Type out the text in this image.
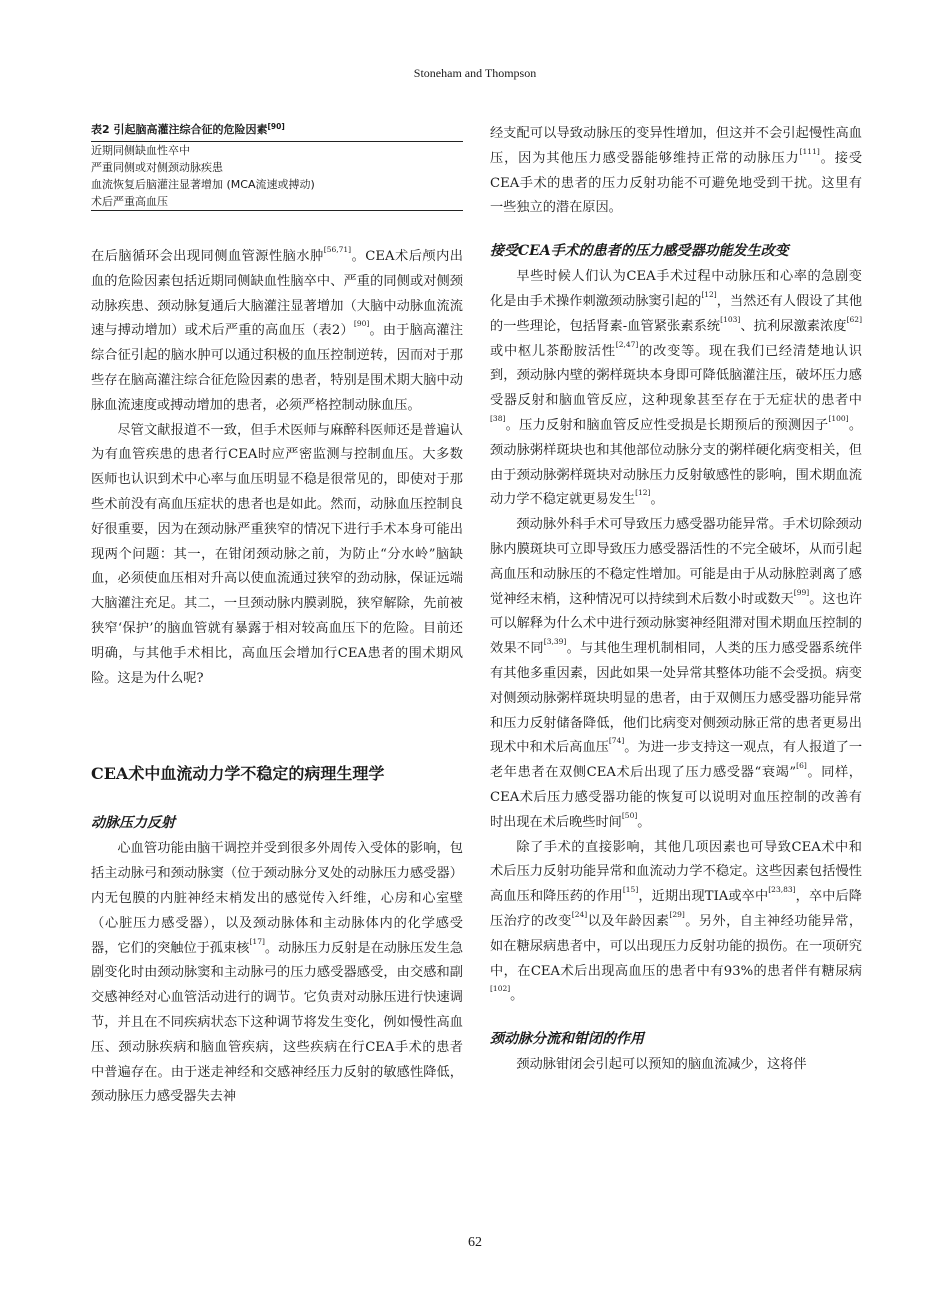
Stoneham and Thompson
表2 引起脑高灌注综合征的危险因素[90]
近期同侧缺血性卒中
严重同侧或对侧颈动脉疾患
血流恢复后脑灌注显著增加 (MCA流速或搏动)
术后严重高血压

在后脑循环会出现同侧血管源性脑水肿[56,71]。CEA术后颅内出血的危险因素包括近期同侧缺血性脑卒中、严重的同侧或对侧颈动脉疾患、颈动脉复通后大脑灌注显著增加（大脑中动脉血流流速与搏动增加）或术后严重的高血压（表2）[90]。由于脑高灌注综合征引起的脑水肿可以通过积极的血压控制逆转，因而对于那些存在脑高灌注综合征危险因素的患者，特别是围术期大脑中动脉血流速度或搏动增加的患者，必须严格控制动脉血压。

尽管文献报道不一致，但手术医师与麻醉科医师还是普遍认为有血管疾患的患者行CEA时应严密监测与控制血压。大多数医师也认识到术中心率与血压明显不稳是很常见的，即使对于那些术前没有高血压症状的患者也是如此。然而，动脉血压控制良好很重要，因为在颈动脉严重狭窄的情况下进行手术本身可能出现两个问题：其一，在钳闭颈动脉之前，为防止“分水岭”脑缺血，必须使血压相对升高以使血流通过狭窄的劲动脉，保证远端大脑灌注充足。其二，一旦颈动脉内膜剥脱，狭窄解除，先前被狭窄‘保护’的脑血管就有暴露于相对较高血压下的危险。目前还明确，与其他手术相比，高血压会增加行CEA患者的围术期风险。这是为什么呢?

CEA术中血流动力学不稳定的病理生理学
动脉压力反射

心血管功能由脑干调控并受到很多外周传入受体的影响，包括主动脉弓和颈动脉窦（位于颈动脉分叉处的动脉压力感受器）内无包膜的内脏神经末梢发出的感觉传入纤维，心房和心室壁（心脏压力感受器），以及颈动脉体和主动脉体内的化学感受器，它们的突触位于孤束核[17]。动脉压力反射是在动脉压发生急剧变化时由颈动脉窦和主动脉弓的压力感受器感受，由交感和副交感神经对心血管活动进行的调节。它负责对动脉压进行快速调节，并且在不同疾病状态下这种调节将发生变化，例如慢性高血压、颈动脉疾病和脑血管疾病，这些疾病在行CEA手术的患者中普遍存在。由于迷走神经和交感神经压力反射的敏感性降低，颈动脉压力感受器失去神

经支配可以导致动脉压的变异性增加，但这并不会引起慢性高血压，因为其他压力感受器能够维持正常的动脉压力[111]。接受CEA手术的患者的压力反射功能不可避免地受到干扰。这里有一些独立的潜在原因。

接受CEA手术的患者的压力感受器功能发生改变

早些时候人们认为CEA手术过程中动脉压和心率的急剧变化是由手术操作刺激颈动脉窦引起的[12]，当然还有人假设了其他的一些理论，包括肾素-血管紧张素系统[103]、抗利尿激素浓度[62]或中枢儿茶酚胺活性[2,47]的改变等。现在我们已经清楚地认识到，颈动脉内壁的粥样斑块本身即可降低脑灌注压，破坏压力感受器反射和脑血管反应，这种现象甚至存在于无症状的患者中[38]。压力反射和脑血管反应性受损是长期预后的预测因子[100]。颈动脉粥样斑块也和其他部位动脉分支的粥样硬化病变相关，但由于颈动脉粥样斑块对动脉压力反射敏感性的影响，围术期血流动力学不稳定就更易发生[12]。

颈动脉外科手术可导致压力感受器功能异常。手术切除颈动脉内膜斑块可立即导致压力感受器活性的不完全破坏，从而引起高血压和动脉压的不稳定性增加。可能是由于从动脉腔剥离了感觉神经末梢，这种情况可以持续到术后数小时或数天[99]。这也许可以解释为什么术中进行颈动脉窦神经阻滞对围术期血压控制的效果不同[3,39]。与其他生理机制相同，人类的压力感受器系统伴有其他多重因素，因此如果一处异常其整体功能不会受损。病变对侧颈动脉粥样斑块明显的患者，由于双侧压力感受器功能异常和压力反射储备降低，他们比病变对侧颈动脉正常的患者更易出现术中和术后高血压[74]。为进一步支持这一观点，有人报道了一老年患者在双侧CEA术后出现了压力感受器“衰竭”[6]。同样，CEA术后压力感受器功能的恢复可以说明对血压控制的改善有时出现在术后晚些时间[50]。

除了手术的直接影响，其他几项因素也可导致CEA术中和术后压力反射功能异常和血流动力学不稳定。这些因素包括慢性高血压和降压药的作用[15]，近期出现TIA或卒中[23,83]，卒中后降压治疗的改变[24]以及年龄因素[29]。另外，自主神经功能异常，如在糖尿病患者中，可以出现压力反射功能的损伤。在一项研究中，在CEA术后出现高血压的患者中有93%的患者伴有糖尿病[102]。

颈动脉分流和钳闭的作用

颈动脉钳闭会引起可以预知的脑血流减少，这将伴

62
